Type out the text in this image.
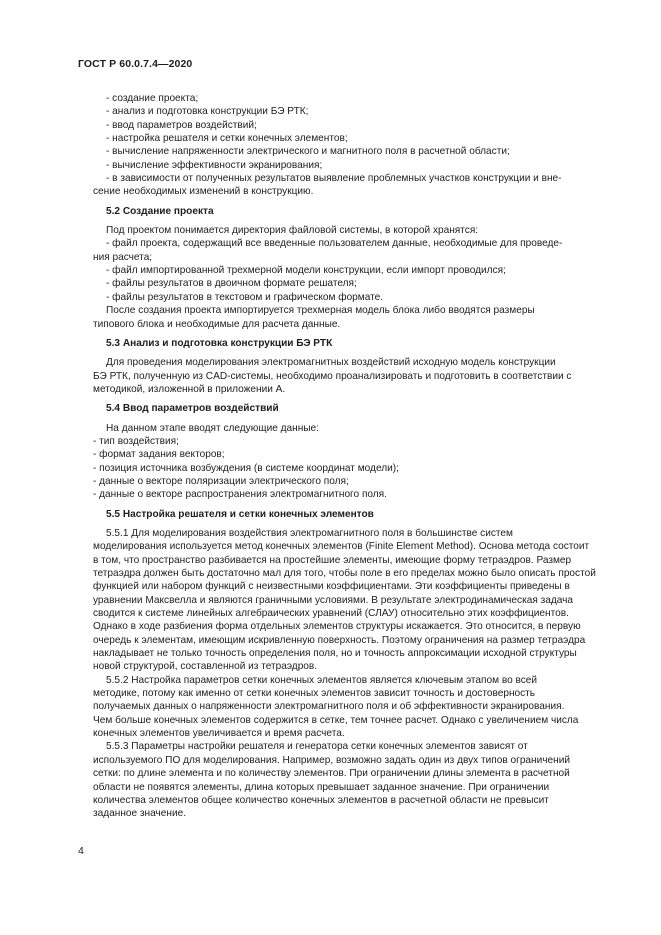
ГОСТ Р 60.0.7.4—2020

- создание проекта;

- анализ и подготовка конструкции БЭ РТК;

- ввод параметров воздействий;

- настройка решателя и сетки конечных элементов;

- вычисление напряженности электрического и магнитного поля в расчетной области;

- вычисление эффективности экранирования;

- в зависимости от полученных результатов выявление проблемных участков конструкции и вне-

сение необходимых изменений в конструкцию.

5.2 Создание проекта

Под проектом понимается директория файловой системы, в которой хранятся:

- файл проекта, содержащий все введенные пользователем данные, необходимые для проведе-

ния расчета;

- файл импортированной трехмерной модели конструкции, если импорт проводился;

- файлы результатов в двоичном формате решателя;

- файлы результатов в текстовом и графическом формате.

После создания проекта импортируется трехмерная модель блока либо вводятся размеры

типового блока и необходимые для расчета данные.

5.3 Анализ и подготовка конструкции БЭ РТК

Для проведения моделирования электромагнитных воздействий исходную модель конструкции

БЭ РТК, полученную из CAD-системы, необходимо проанализировать и подготовить в соответствии с

методикой, изложенной в приложении А.

5.4 Ввод параметров воздействий

На данном этапе вводят следующие данные:

- тип воздействия;

- формат задания векторов;

- позиция источника возбуждения (в системе координат модели);

- данные о векторе поляризации электрического поля;

- данные о векторе распространения электромагнитного поля.

5.5 Настройка решателя и сетки конечных элементов

5.5.1 Для моделирования воздействия электромагнитного поля в большинстве систем

моделирования используется метод конечных элементов (Finite Element Method). Основа метода состоит

в том, что пространство разбивается на простейшие элементы, имеющие форму тетраэдров. Размер

тетраэдра должен быть достаточно мал для того, чтобы поле в его пределах можно было описать простой

функцией или набором функций с неизвестными коэффициентами. Эти коэффициенты приведены в

уравнении Максвелла и являются граничными условиями. В результате электродинамическая задача

сводится к системе линейных алгебраических уравнений (СЛАУ) относительно этих коэффициентов.

Однако в ходе разбиения форма отдельных элементов структуры искажается. Это относится, в первую

очередь к элементам, имеющим искривленную поверхность. Поэтому ограничения на размер тетраэдра

накладывает не только точность определения поля, но и точность аппроксимации исходной структуры

новой структурой, составленной из тетраэдров.

5.5.2 Настройка параметров сетки конечных элементов является ключевым этапом во всей

методике, потому как именно от сетки конечных элементов зависит точность и достоверность

получаемых данных о напряженности электромагнитного поля и об эффективности экранирования.

Чем больше конечных элементов содержится в сетке, тем точнее расчет. Однако с увеличением числа

конечных элементов увеличивается и время расчета.

5.5.3 Параметры настройки решателя и генератора сетки конечных элементов зависят от

используемого ПО для моделирования. Например, возможно задать один из двух типов ограничений

сетки: по длине элемента и по количеству элементов. При ограничении длины элемента в расчетной

области не появятся элементы, длина которых превышает заданное значение. При ограничении

количества элементов общее количество конечных элементов в расчетной области не превысит

заданное значение.

4
